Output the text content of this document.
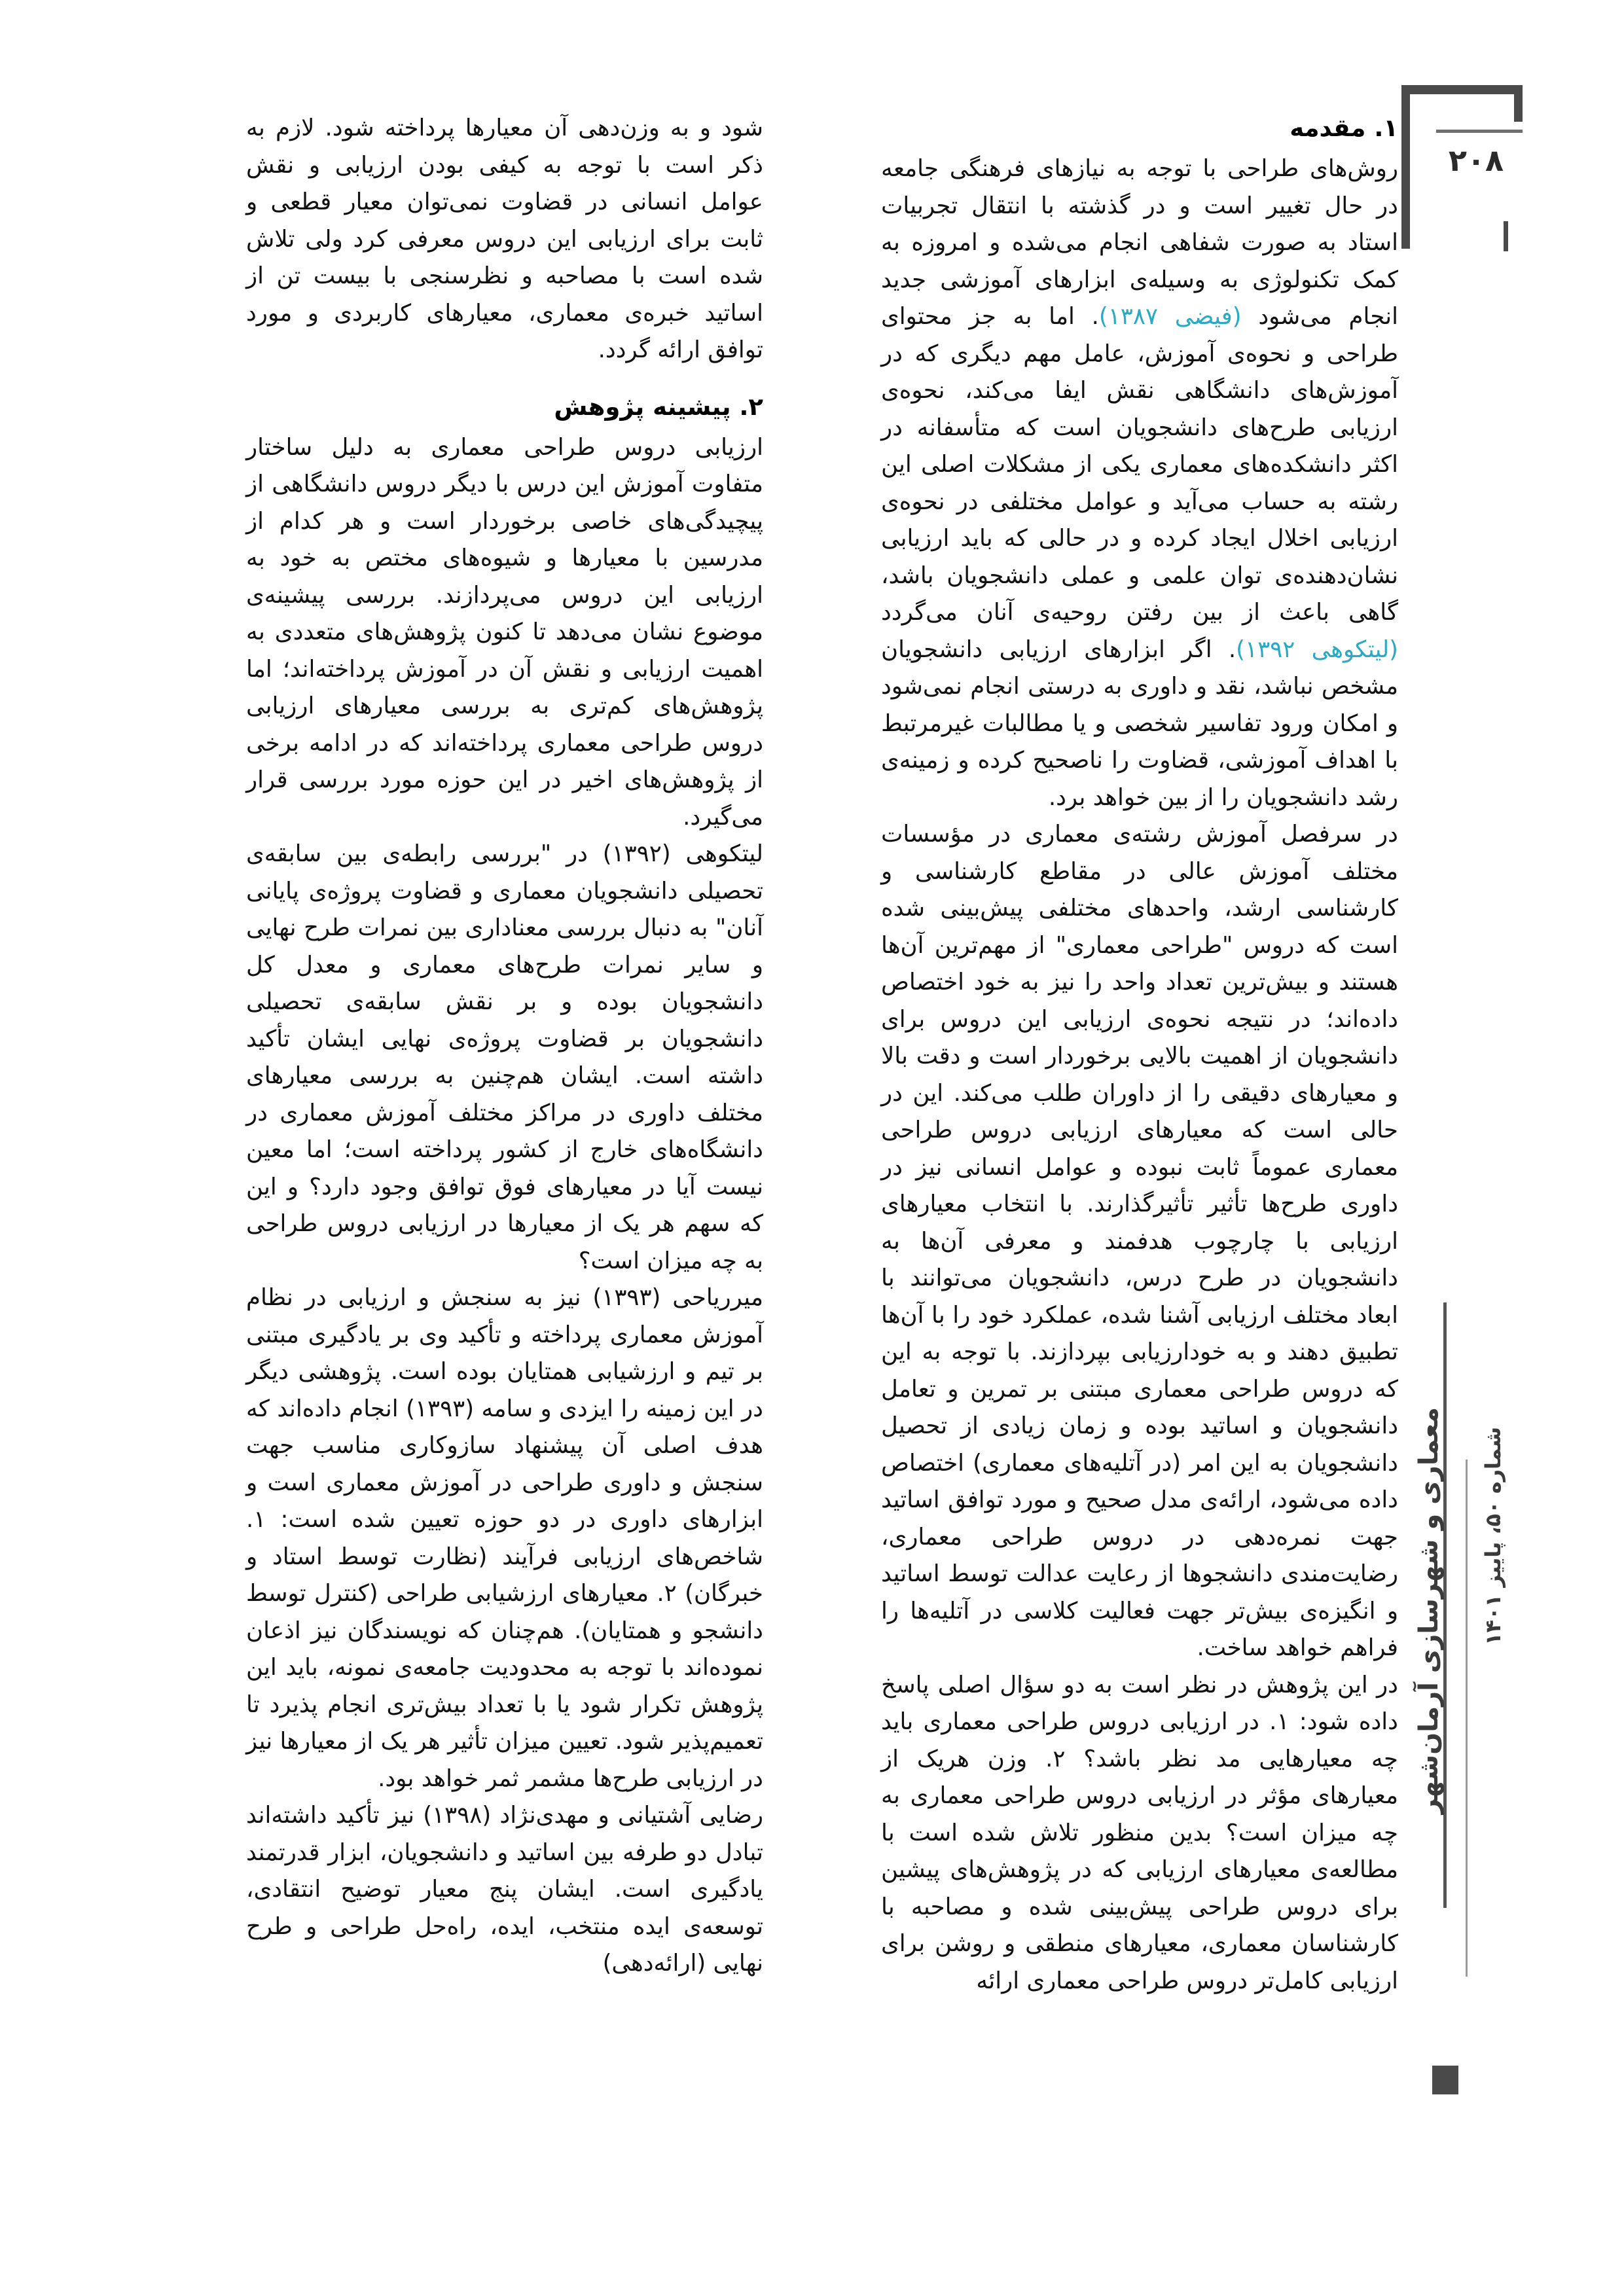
۲۰۸
معماری و شهرسازی آرمان‌شهر شماره ۵۰، پاییز ۱۴۰۱
۱. مقدمه

روش‌های طراحی با توجه به نیازهای فرهنگی جامعه در حال تغییر است و در گذشته با انتقال تجربیات استاد به صورت شفاهی انجام می‌شده و امروزه به کمک تکنولوژی به وسیله‌ی ابزارهای آموزشی جدید انجام می‌شود (فیضی ۱۳۸۷). اما به جز محتوای طراحی و نحوه‌ی آموزش، عامل مهم دیگری که در آموزش‌های دانشگاهی نقش ایفا می‌کند، نحوه‌ی ارزیابی طرح‌های دانشجویان است که متأسفانه در اکثر دانشکده‌های معماری یکی از مشکلات اصلی این رشته به حساب می‌آید و عوامل مختلفی در نحوه‌ی ارزیابی اخلال ایجاد کرده و در حالی که باید ارزیابی نشان‌دهنده‌ی توان علمی و عملی دانشجویان باشد، گاهی باعث از بین رفتن روحیه‌ی آنان می‌گردد (لیتکوهی ۱۳۹۲). اگر ابزارهای ارزیابی دانشجویان مشخص نباشد، نقد و داوری به درستی انجام نمی‌شود و امکان ورود تفاسیر شخصی و یا مطالبات غیرمرتبط با اهداف آموزشی، قضاوت را ناصحیح کرده و زمینه‌ی رشد دانشجویان را از بین خواهد برد.

در سرفصل آموزش رشته‌ی معماری در مؤسسات مختلف آموزش عالی در مقاطع کارشناسی و کارشناسی ارشد، واحدهای مختلفی پیش‌بینی شده است که دروس "طراحی معماری" از مهم‌ترین آن‌ها هستند و بیش‌ترین تعداد واحد را نیز به خود اختصاص داده‌اند؛ در نتیجه نحوه‌ی ارزیابی این دروس برای دانشجویان از اهمیت بالایی برخوردار است و دقت بالا و معیارهای دقیقی را از داوران طلب می‌کند. این در حالی است که معیارهای ارزیابی دروس طراحی معماری عموماً ثابت نبوده و عوامل انسانی نیز در داوری طرح‌ها تأثیر تأثیرگذارند. با انتخاب معیارهای ارزیابی با چارچوب هدفمند و معرفی آن‌ها به دانشجویان در طرح درس، دانشجویان می‌توانند با ابعاد مختلف ارزیابی آشنا شده، عملکرد خود را با آن‌ها تطبیق دهند و به خودارزیابی بپردازند. با توجه به این که دروس طراحی معماری مبتنی بر تمرین و تعامل دانشجویان و اساتید بوده و زمان زیادی از تحصیل دانشجویان به این امر (در آتلیه‌های معماری) اختصاص داده می‌شود، ارائه‌ی مدل صحیح و مورد توافق اساتید جهت نمره‌دهی در دروس طراحی معماری، رضایت‌مندی دانشجوها از رعایت عدالت توسط اساتید و انگیزه‌ی بیش‌تر جهت فعالیت کلاسی در آتلیه‌ها را فراهم خواهد ساخت.

در این پژوهش در نظر است به دو سؤال اصلی پاسخ داده شود: ۱. در ارزیابی دروس طراحی معماری باید چه معیارهایی مد نظر باشد؟ ۲. وزن هریک از معیارهای مؤثر در ارزیابی دروس طراحی معماری به چه میزان است؟ بدین منظور تلاش شده است با مطالعه‌ی معیارهای ارزیابی که در پژوهش‌های پیشین برای دروس طراحی پیش‌بینی شده و مصاحبه با کارشناسان معماری، معیارهای منطقی و روشن برای ارزیابی کامل‌تر دروس طراحی معماری ارائه

شود و به وزن‌دهی آن معیارها پرداخته شود. لازم به ذکر است با توجه به کیفی بودن ارزیابی و نقش عوامل انسانی در قضاوت نمی‌توان معیار قطعی و ثابت برای ارزیابی این دروس معرفی کرد ولی تلاش شده است با مصاحبه و نظرسنجی با بیست تن از اساتید خبره‌ی معماری، معیارهای کاربردی و مورد توافق ارائه گردد.

۲. پیشینه پژوهش

ارزیابی دروس طراحی معماری به دلیل ساختار متفاوت آموزش این درس با دیگر دروس دانشگاهی از پیچیدگی‌های خاصی برخوردار است و هر کدام از مدرسین با معیارها و شیوه‌های مختص به خود به ارزیابی این دروس می‌پردازند. بررسی پیشینه‌ی موضوع نشان می‌دهد تا کنون پژوهش‌های متعددی به اهمیت ارزیابی و نقش آن در آموزش پرداخته‌اند؛ اما پژوهش‌های کم‌تری به بررسی معیارهای ارزیابی دروس طراحی معماری پرداخته‌اند که در ادامه برخی از پژوهش‌های اخیر در این حوزه مورد بررسی قرار می‌گیرد.

لیتکوهی (۱۳۹۲) در "بررسی رابطه‌ی بین سابقه‌ی تحصیلی دانشجویان معماری و قضاوت پروژه‌ی پایانی آنان" به دنبال بررسی معناداری بین نمرات طرح نهایی و سایر نمرات طرح‌های معماری و معدل کل دانشجویان بوده و بر نقش سابقه‌ی تحصیلی دانشجویان بر قضاوت پروژه‌ی نهایی ایشان تأکید داشته است. ایشان هم‌چنین به بررسی معیارهای مختلف داوری در مراکز مختلف آموزش معماری در دانشگاه‌های خارج از کشور پرداخته است؛ اما معین نیست آیا در معیارهای فوق توافق وجود دارد؟ و این که سهم هر یک از معیارها در ارزیابی دروس طراحی به چه میزان است؟

میرریاحی (۱۳۹۳) نیز به سنجش و ارزیابی در نظام آموزش معماری پرداخته و تأکید وی بر یادگیری مبتنی بر تیم و ارزشیابی همتایان بوده است. پژوهشی دیگر در این زمینه را ایزدی و سامه (۱۳۹۳) انجام داده‌اند که هدف اصلی آن پیشنهاد سازوکاری مناسب جهت سنجش و داوری طراحی در آموزش معماری است و ابزارهای داوری در دو حوزه تعیین شده است: ۱. شاخص‌های ارزیابی فرآیند (نظارت توسط استاد و خبرگان) ۲. معیارهای ارزشیابی طراحی (کنترل توسط دانشجو و همتایان). هم‌چنان که نویسندگان نیز اذعان نموده‌اند با توجه به محدودیت جامعه‌ی نمونه، باید این پژوهش تکرار شود یا با تعداد بیش‌تری انجام پذیرد تا تعمیم‌پذیر شود. تعیین میزان تأثیر هر یک از معیارها نیز در ارزیابی طرح‌ها مشمر ثمر خواهد بود.

رضایی آشتیانی و مهدی‌نژاد (۱۳۹۸) نیز تأکید داشته‌اند تبادل دو طرفه بین اساتید و دانشجویان، ابزار قدرتمند یادگیری است. ایشان پنج معیار توضیح انتقادی، توسعه‌ی ایده منتخب، ایده، راه‌حل طراحی و طرح نهایی (ارائه‌دهی)
